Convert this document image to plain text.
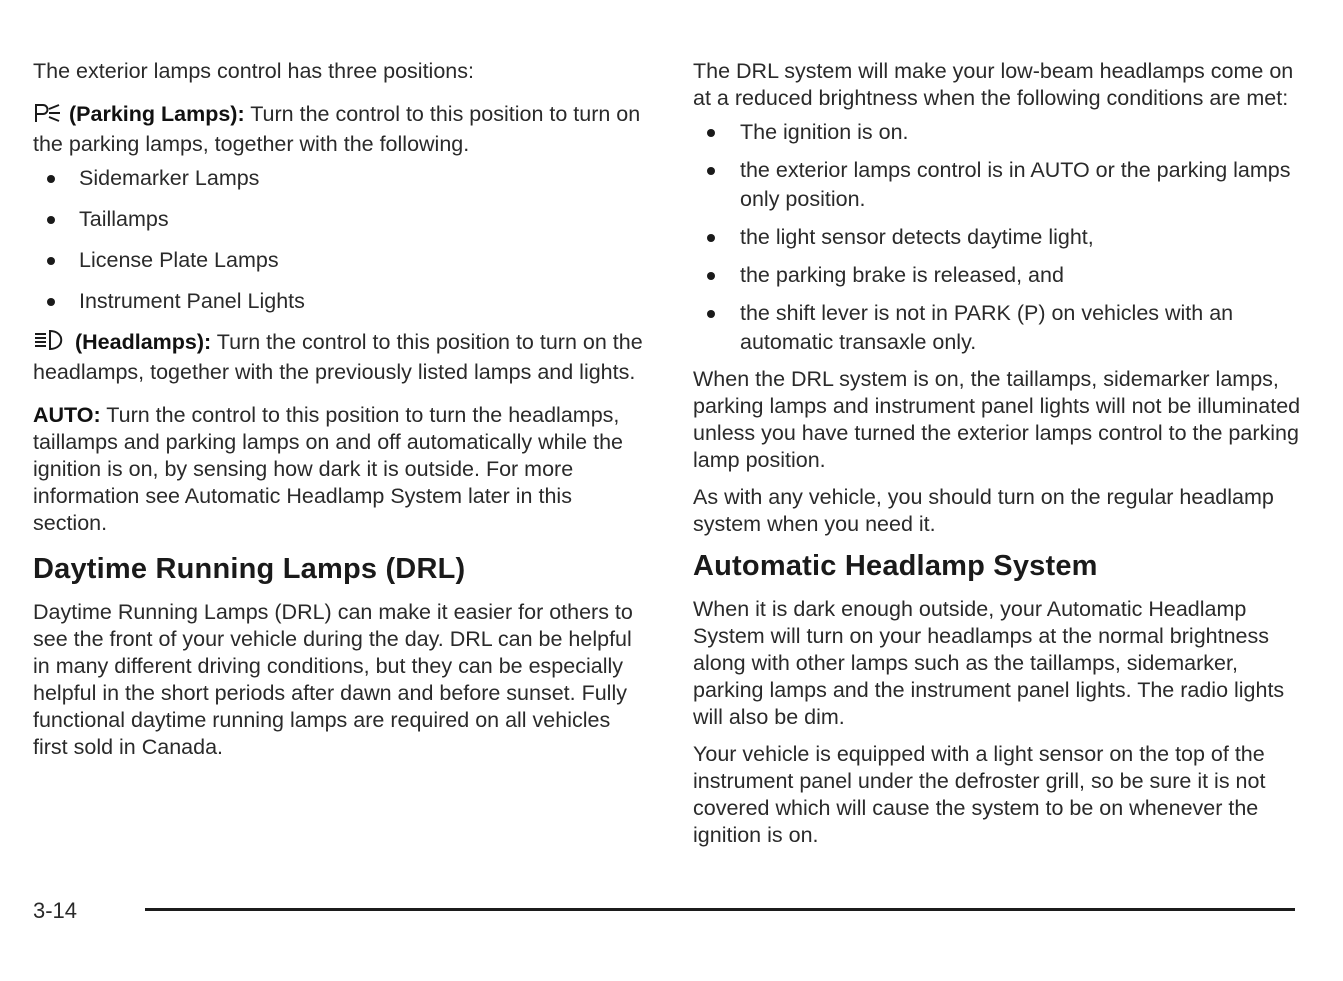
The exterior lamps control has three positions:

(Parking Lamps): Turn the control to this position to turn on the parking lamps, together with the following.

Sidemarker Lamps
Taillamps
License Plate Lamps
Instrument Panel Lights

(Headlamps): Turn the control to this position to turn on the headlamps, together with the previously listed lamps and lights.

AUTO: Turn the control to this position to turn the headlamps, taillamps and parking lamps on and off automatically while the ignition is on, by sensing how dark it is outside. For more information see Automatic Headlamp System later in this section.

Daytime Running Lamps (DRL)

Daytime Running Lamps (DRL) can make it easier for others to see the front of your vehicle during the day. DRL can be helpful in many different driving conditions, but they can be especially helpful in the short periods after dawn and before sunset. Fully functional daytime running lamps are required on all vehicles first sold in Canada.

The DRL system will make your low-beam headlamps come on at a reduced brightness when the following conditions are met:

The ignition is on.
the exterior lamps control is in AUTO or the parking lamps only position.
the light sensor detects daytime light,
the parking brake is released, and
the shift lever is not in PARK (P) on vehicles with an automatic transaxle only.

When the DRL system is on, the taillamps, sidemarker lamps, parking lamps and instrument panel lights will not be illuminated unless you have turned the exterior lamps control to the parking lamp position.

As with any vehicle, you should turn on the regular headlamp system when you need it.

Automatic Headlamp System

When it is dark enough outside, your Automatic Headlamp System will turn on your headlamps at the normal brightness along with other lamps such as the taillamps, sidemarker, parking lamps and the instrument panel lights. The radio lights will also be dim.

Your vehicle is equipped with a light sensor on the top of the instrument panel under the defroster grill, so be sure it is not covered which will cause the system to be on whenever the ignition is on.

3-14
